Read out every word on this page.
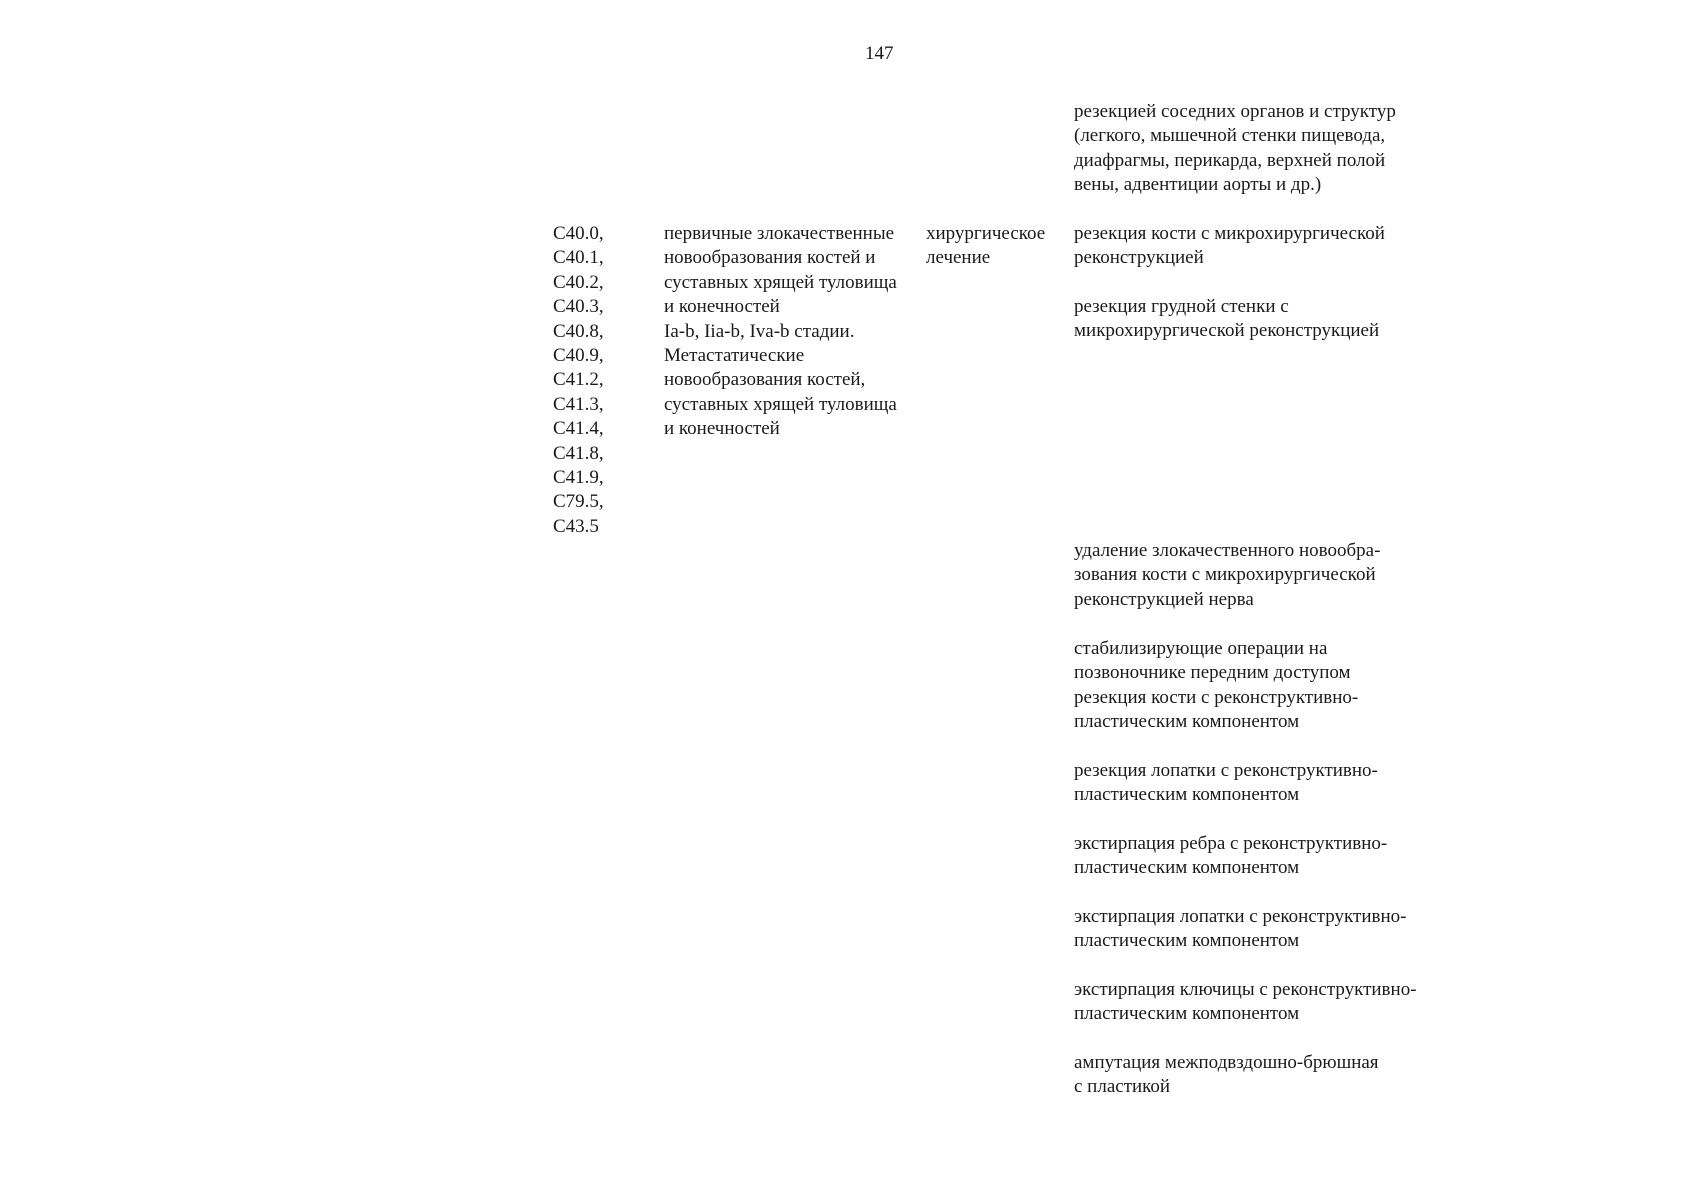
147
резекцией соседних органов и структур
(легкого, мышечной стенки пищевода,
диафрагмы, перикарда, верхней полой
вены, адвентиции аорты и др.)
C40.0,
C40.1,
C40.2,
C40.3,
C40.8,
C40.9,
C41.2,
C41.3,
C41.4,
C41.8,
C41.9,
C79.5,
C43.5
первичные злокачественные
новообразования костей и
суставных хрящей туловища
и конечностей
Ia-b, Iia-b, Iva-b стадии.
Метастатические
новообразования костей,
суставных хрящей туловища
и конечностей
хирургическое
лечение
резекция кости с микрохирургической
реконструкцией
резекция грудной стенки с
микрохирургической реконструкцией
удаление злокачественного новообра-
зования кости с микрохирургической
реконструкцией нерва
стабилизирующие операции на
позвоночнике передним доступом
резекция кости с реконструктивно-
пластическим компонентом
резекция лопатки с реконструктивно-
пластическим компонентом
экстирпация ребра с реконструктивно-
пластическим компонентом
экстирпация лопатки с реконструктивно-
пластическим компонентом
экстирпация ключицы с реконструктивно-
пластическим компонентом
ампутация межподвздошно-брюшная
с пластикой
